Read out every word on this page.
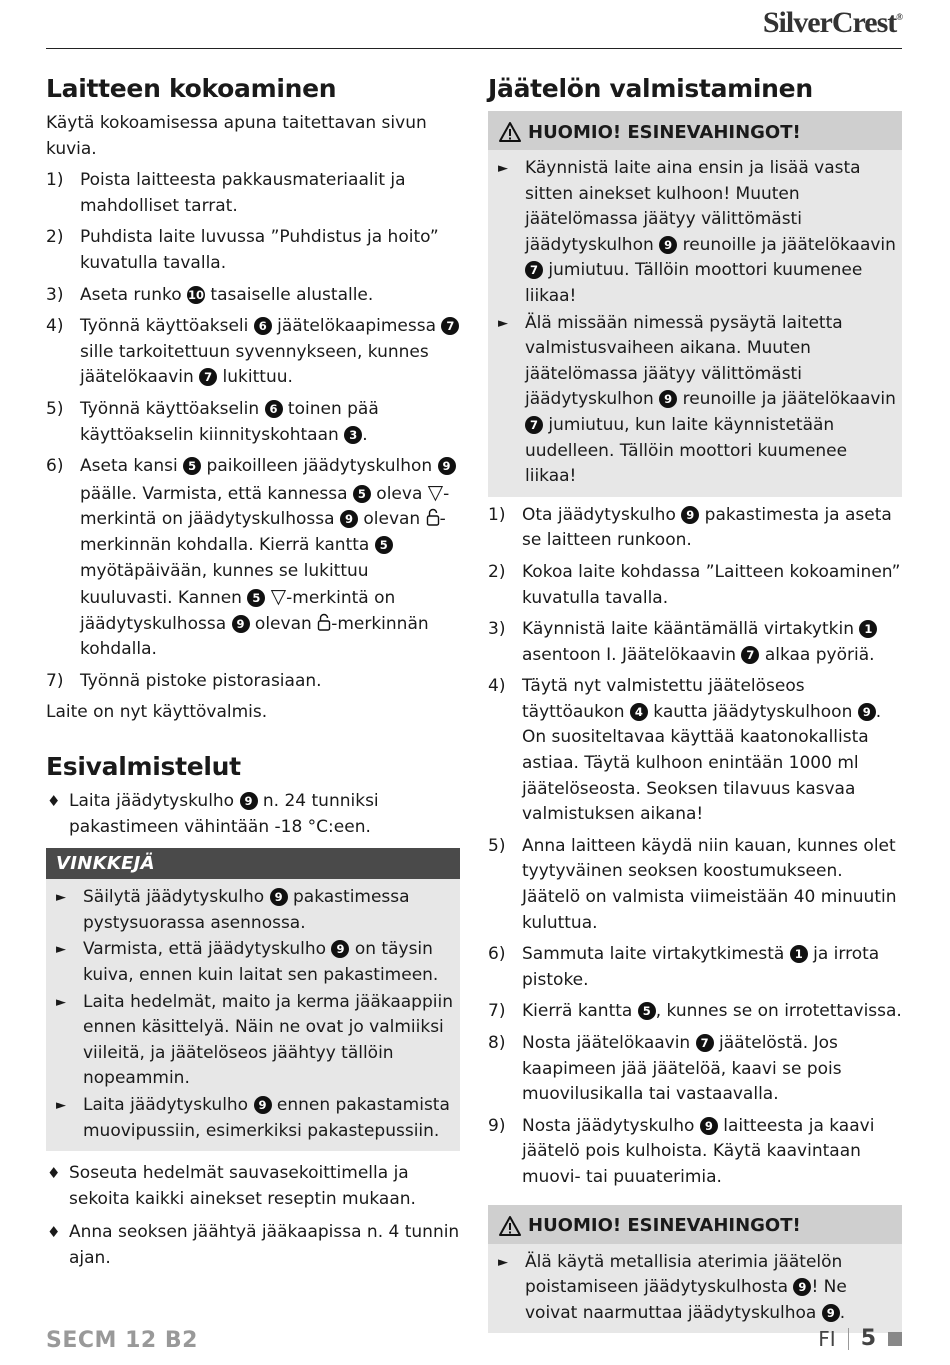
SilverCrest®
Laitteen kokoaminen

Käytä kokoamisessa apuna taitettavan sivun kuvia.

1) Poista laitteesta pakkausmateriaalit ja mahdolliset tarrat.
2) Puhdista laite luvussa ”Puhdistus ja hoito” kuvatulla tavalla.
3) Aseta runko 10 tasaiselle alustalle.
4) Työnnä käyttöakseli 6 jäätelökaapimessa 7 sille tarkoitettuun syvennykseen, kunnes jäätelökaavin 7 lukittuu.
5) Työnnä käyttöakselin 6 toinen pää käyttöakselin kiinnityskohtaan 3 .
6) Aseta kansi 5 paikoilleen jäädytyskulhon 9 päälle. Varmista, että kannessa 5 oleva ▽-merkintä on jäädytyskulhossa 9 olevan -merkinnän kohdalla. Kierrä kantta 5 myötäpäivään, kunnes se lukittuu kuuluvasti. Kannen 5 ▽-merkintä on jäädytyskulhossa 9 olevan -merkinnän kohdalla.
7) Työnnä pistoke pistorasiaan.

Laite on nyt käyttövalmis.

Esivalmistelut
♦ Laita jäädytyskulho 9 n. 24 tunniksi pakastimeen vähintään -18 °C:een.
VINKKEJÄ
► Säilytä jäädytyskulho 9 pakastimessa pystysuorassa asennossa.
► Varmista, että jäädytyskulho 9 on täysin kuiva, ennen kuin laitat sen pakastimeen.
► Laita hedelmät, maito ja kerma jääkaappiin ennen käsittelyä. Näin ne ovat jo valmiiksi viileitä, ja jäätelöseos jäähtyy tällöin nopeammin.
► Laita jäädytyskulho 9 ennen pakastamista muovipussiin, esimerkiksi pakastepussiin.
♦ Soseuta hedelmät sauvasekoittimella ja sekoita kaikki ainekset reseptin mukaan.
♦ Anna seoksen jäähtyä jääkaapissa n. 4 tunnin ajan.
Jäätelön valmistaminen
HUOMIO! ESINEVAHINGOT!
► Käynnistä laite aina ensin ja lisää vasta sitten ainekset kulhoon! Muuten jäätelömassa jäätyy välittömästi jäädytyskulhon 9 reunoille ja jäätelökaavin 7 jumiutuu. Tällöin moottori kuumenee liikaa!
► Älä missään nimessä pysäytä laitetta valmistusvaiheen aikana. Muuten jäätelömassa jäätyy välittömästi jäädytyskulhon 9 reunoille ja jäätelökaavin 7 jumiutuu, kun laite käynnistetään uudelleen. Tällöin moottori kuumenee liikaa!
1) Ota jäädytyskulho 9 pakastimesta ja aseta se laitteen runkoon.
2) Kokoa laite kohdassa ”Laitteen kokoaminen” kuvatulla tavalla.
3) Käynnistä laite kääntämällä virtakytkin 1 asentoon I. Jäätelökaavin 7 alkaa pyöriä.
4) Täytä nyt valmistettu jäätelöseos täyttöaukon 4 kautta jäädytyskulhoon 9 . On suositeltavaa käyttää kaatonokallista astiaa. Täytä kulhoon enintään 1000 ml jäätelöseosta. Seoksen tilavuus kasvaa valmistuksen aikana!
5) Anna laitteen käydä niin kauan, kunnes olet tyytyväinen seoksen koostumukseen. Jäätelö on valmista viimeistään 40 minuutin kuluttua.
6) Sammuta laite virtakytkimestä 1 ja irrota pistoke.
7) Kierrä kantta 5 , kunnes se on irrotettavissa.
8) Nosta jäätelökaavin 7 jäätelöstä. Jos kaapimeen jää jäätelöä, kaavi se pois muovilusikalla tai vastaavalla.
9) Nosta jäädytyskulho 9 laitteesta ja kaavi jäätelö pois kulhoista. Käytä kaavintaan muovi- tai puuaterimia.
HUOMIO! ESINEVAHINGOT!
► Älä käytä metallisia aterimia jäätelön poistamiseen jäädytyskulhosta 9 ! Ne voivat naarmuttaa jäädytyskulhoa 9 .
SECM 12 B2	FI 5
